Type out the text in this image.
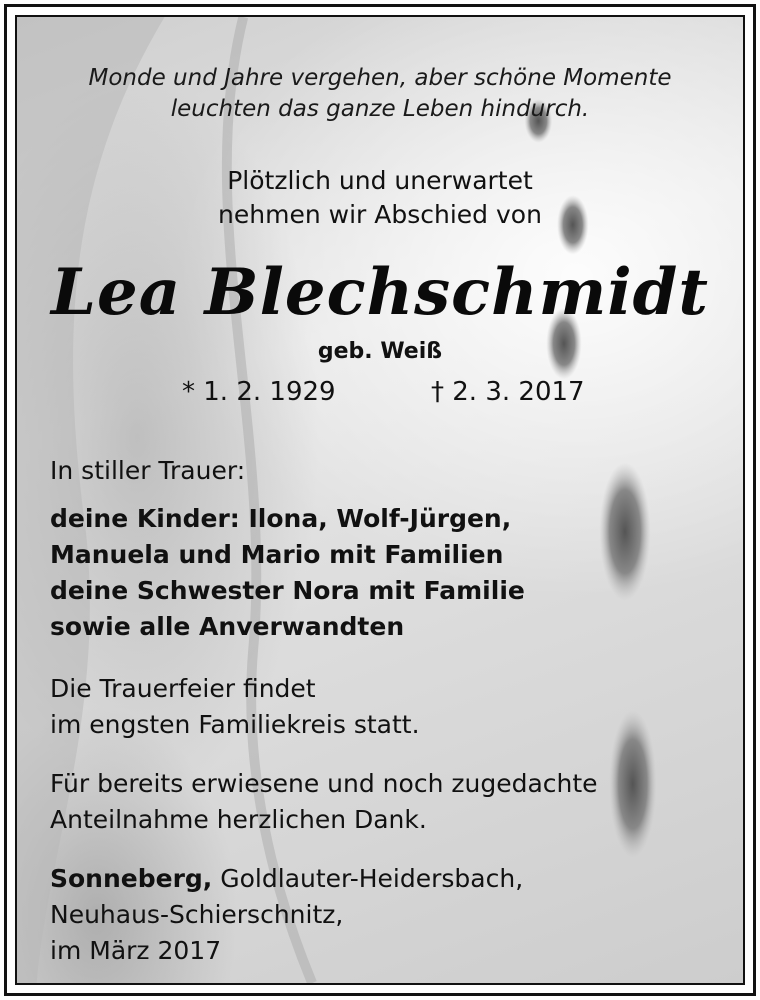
Monde und Jahre vergehen, aber schöne Momente
leuchten das ganze Leben hindurch.
Plötzlich und unerwartet
nehmen wir Abschied von
Lea Blechschmidt
geb. Weiß
* 1. 2. 1929	† 2. 3. 2017
In stiller Trauer:
deine Kinder: Ilona, Wolf-Jürgen,
Manuela und Mario mit Familien
deine Schwester Nora mit Familie
sowie alle Anverwandten
Die Trauerfeier findet
im engsten Familiekreis statt.
Für bereits erwiesene und noch zugedachte
Anteilnahme herzlichen Dank.
Sonneberg, Goldlauter-Heidersbach,
Neuhaus-Schierschnitz,
im März 2017
